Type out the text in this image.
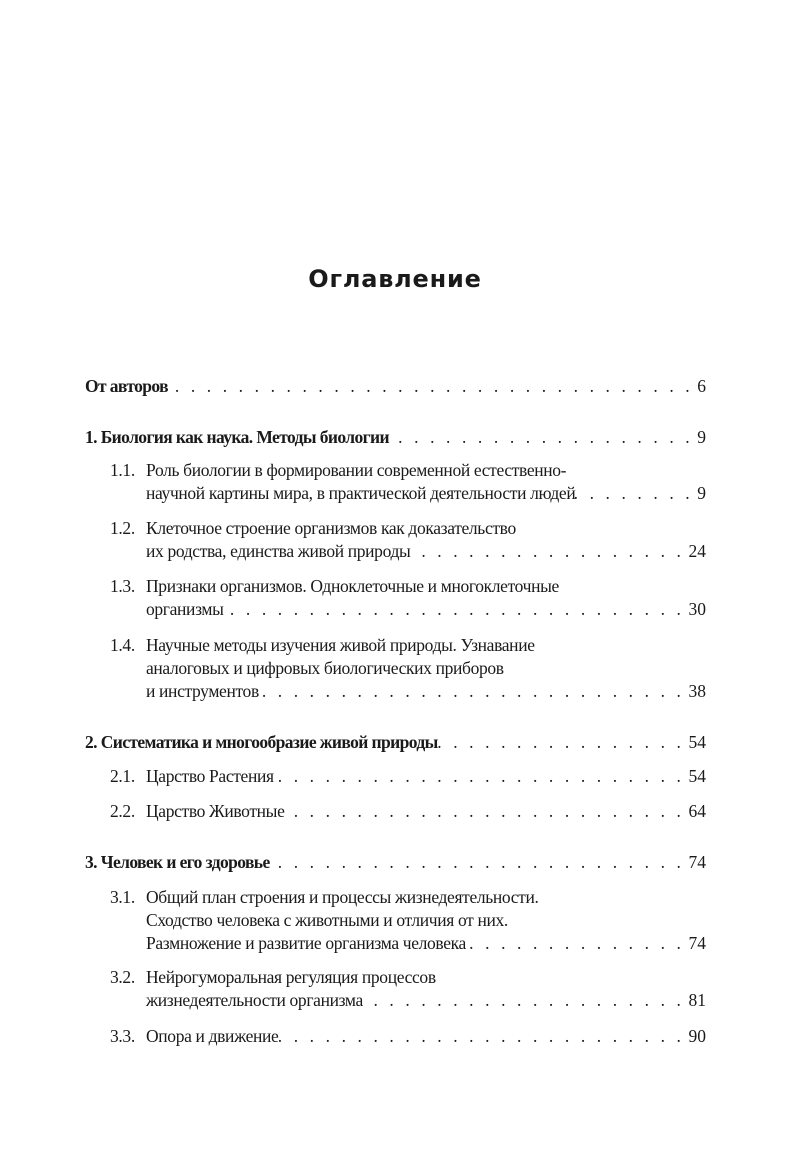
Оглавление
От авторов . . .	6
1. Биология как наука. Методы биологии . . .	9
1.1. Роль биологии в формировании современной естественно-
научной картины мира, в практической деятельности людей . . .	9
1.2. Клеточное строение организмов как доказательство
их родства, единства живой природы . . .	24
1.3. Признаки организмов. Одноклеточные и многоклеточные
организмы . . .	30
1.4. Научные методы изучения живой природы. Узнавание
аналоговых и цифровых биологических приборов
и инструментов . . .	38
2. Систематика и многообразие живой природы . . .	54
2.1. Царство Растения . . .	54
2.2. Царство Животные . . .	64
3. Человек и его здоровье . . .	74
3.1. Общий план строения и процессы жизнедеятельности.
Сходство человека с животными и отличия от них.
Размножение и развитие организма человека . . .	74
3.2. Нейрогуморальная регуляция процессов
жизнедеятельности организма . . .	81
3.3. Опора и движение . . .	90
